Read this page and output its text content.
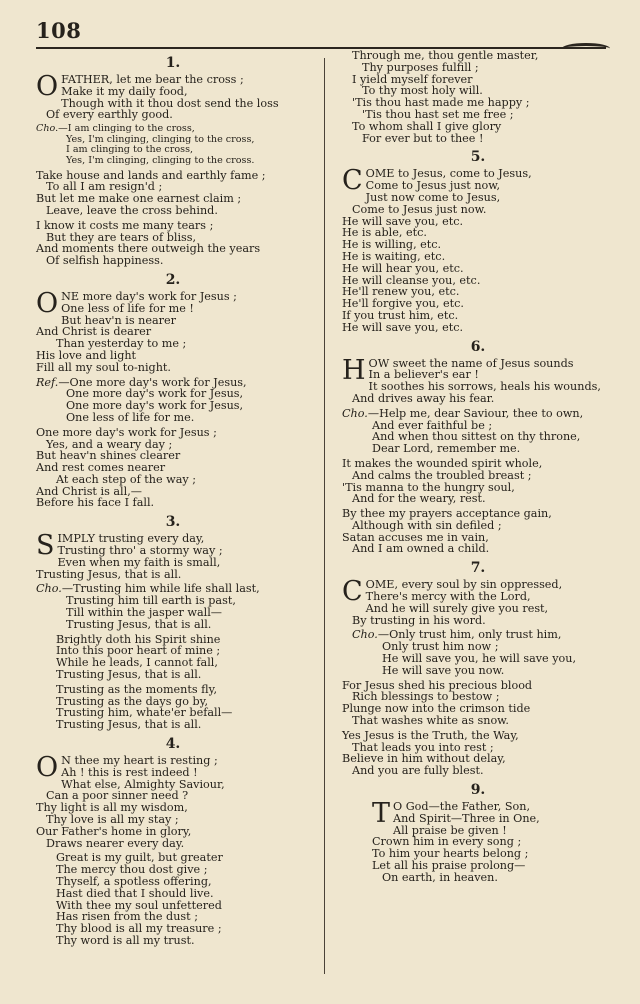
108
1.
O FATHER, let me bear the cross ;
Make it my daily food,
Though with it thou dost send the loss
Of every earthly good.
Cho.—I am clinging to the cross,
Yes, I'm clinging, clinging to the cross,
I am clinging to the cross,
Yes, I'm clinging, clinging to the cross.
Take house and lands and earthly fame ;
To all I am resign'd ;
But let me make one earnest claim ;
Leave, leave the cross behind.
I know it costs me many tears ;
But they are tears of bliss,
And moments there outweigh the years
Of selfish happiness.
2.
O NE more day's work for Jesus ;
One less of life for me !
But heav'n is nearer
And Christ is dearer
Than yesterday to me ;
His love and light
Fill all my soul to-night.
Ref.—One more day's work for Jesus,
One more day's work for Jesus,
One more day's work for Jesus,
One less of life for me.
One more day's work for Jesus ;
Yes, and a weary day ;
But heav'n shines clearer
And rest comes nearer
At each step of the way ;
And Christ is all,—
Before his face I fall.
3.
S IMPLY trusting every day,
Trusting thro' a stormy way ;
Even when my faith is small,
Trusting Jesus, that is all.
Cho.—Trusting him while life shall last,
Trusting him till earth is past,
Till within the jasper wall—
Trusting Jesus, that is all.
Brightly doth his Spirit shine
Into this poor heart of mine ;
While he leads, I cannot fall,
Trusting Jesus, that is all.
Trusting as the moments fly,
Trusting as the days go by,
Trusting him, whate'er befall—
Trusting Jesus, that is all.
4.
O N thee my heart is resting ;
Ah ! this is rest indeed !
What else, Almighty Saviour,
Can a poor sinner need ?
Thy light is all my wisdom,
Thy love is all my stay ;
Our Father's home in glory,
Draws nearer every day.
Great is my guilt, but greater
The mercy thou dost give ;
Thyself, a spotless offering,
Hast died that I should live.
With thee my soul unfettered
Has risen from the dust ;
Thy blood is all my treasure ;
Thy word is all my trust.
Through me, thou gentle master,
Thy purposes fulfill ;
I yield myself forever
To thy most holy will.
'Tis thou hast made me happy ;
'Tis thou hast set me free ;
To whom shall I give glory
For ever but to thee !
5.
C OME to Jesus, come to Jesus,
Come to Jesus just now,
Just now come to Jesus,
Come to Jesus just now.
He will save you, etc.
He is able, etc.
He is willing, etc.
He is waiting, etc.
He will hear you, etc.
He will cleanse you, etc.
He'll renew you, etc.
He'll forgive you, etc.
If you trust him, etc.
He will save you, etc.
6.
H OW sweet the name of Jesus sounds
In a believer's ear !
It soothes his sorrows, heals his wounds,
And drives away his fear.
Cho.—Help me, dear Saviour, thee to own,
And ever faithful be ;
And when thou sittest on thy throne,
Dear Lord, remember me.
It makes the wounded spirit whole,
And calms the troubled breast ;
'Tis manna to the hungry soul,
And for the weary, rest.
By thee my prayers acceptance gain,
Although with sin defiled ;
Satan accuses me in vain,
And I am owned a child.
7.
C OME, every soul by sin oppressed,
There's mercy with the Lord,
And he will surely give you rest,
By trusting in his word.
Cho.—Only trust him, only trust him,
Only trust him now ;
He will save you, he will save you,
He will save you now.
For Jesus shed his precious blood
Rich blessings to bestow ;
Plunge now into the crimson tide
That washes white as snow.
Yes Jesus is the Truth, the Way,
That leads you into rest ;
Believe in him without delay,
And you are fully blest.
9.
T O God—the Father, Son,
And Spirit—Three in One,
All praise be given !
Crown him in every song ;
To him your hearts belong ;
Let all his praise prolong—
On earth, in heaven.
